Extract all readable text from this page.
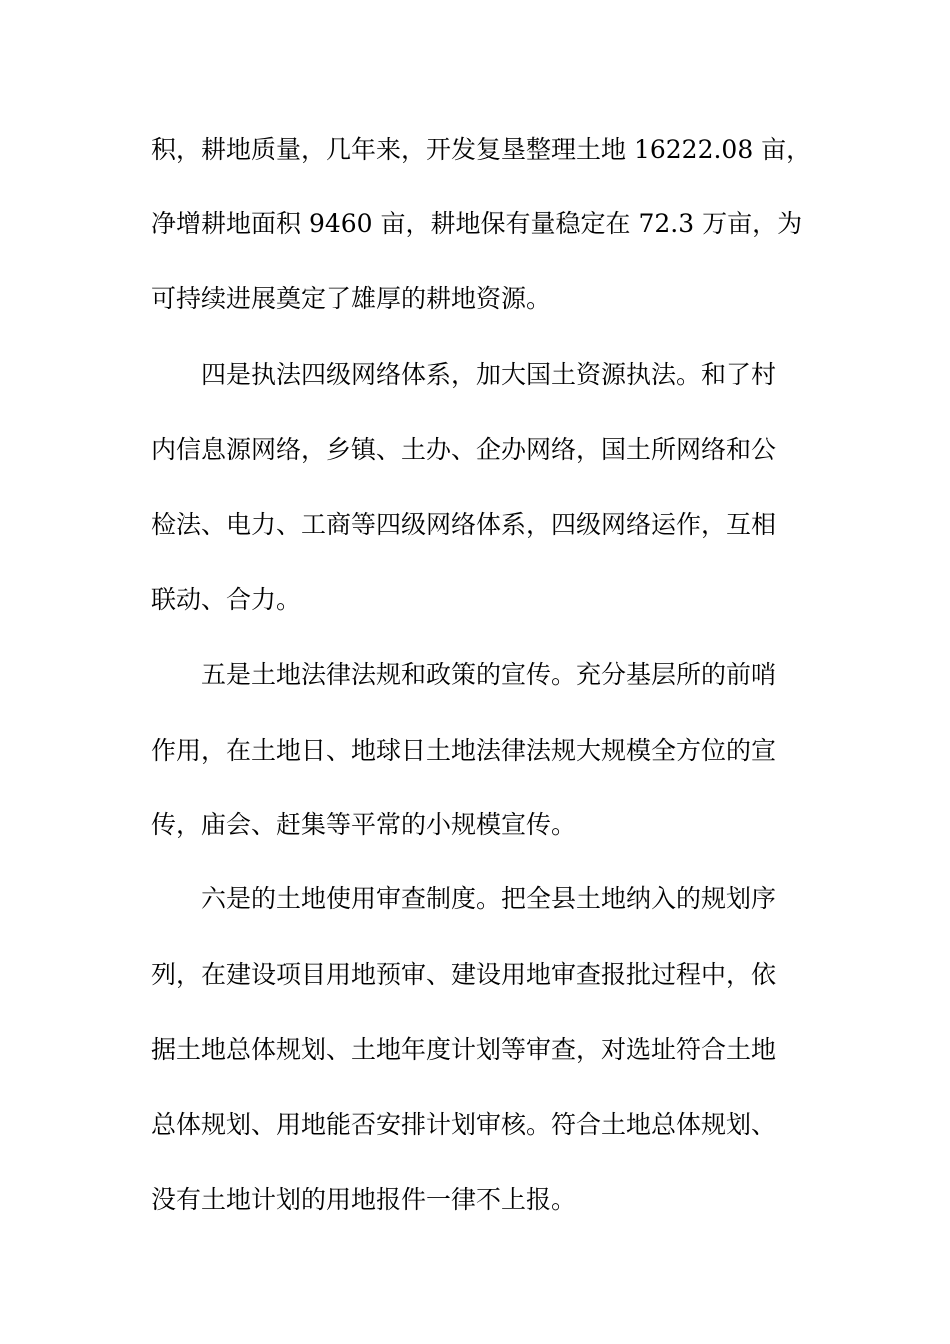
积，耕地质量，几年来，开发复垦整理土地 16222.08 亩，
净增耕地面积 9460 亩，耕地保有量稳定在 72.3 万亩，为
可持续进展奠定了雄厚的耕地资源。
四是执法四级网络体系，加大国土资源执法。和了村
内信息源网络，乡镇、土办、企办网络，国土所网络和公
检法、电力、工商等四级网络体系，四级网络运作，互相
联动、合力。
五是土地法律法规和政策的宣传。充分基层所的前哨
作用，在土地日、地球日土地法律法规大规模全方位的宣
传，庙会、赶集等平常的小规模宣传。
六是的土地使用审查制度。把全县土地纳入的规划序
列，在建设项目用地预审、建设用地审查报批过程中，依
据土地总体规划、土地年度计划等审查，对选址符合土地
总体规划、用地能否安排计划审核。符合土地总体规划、
没有土地计划的用地报件一律不上报。
